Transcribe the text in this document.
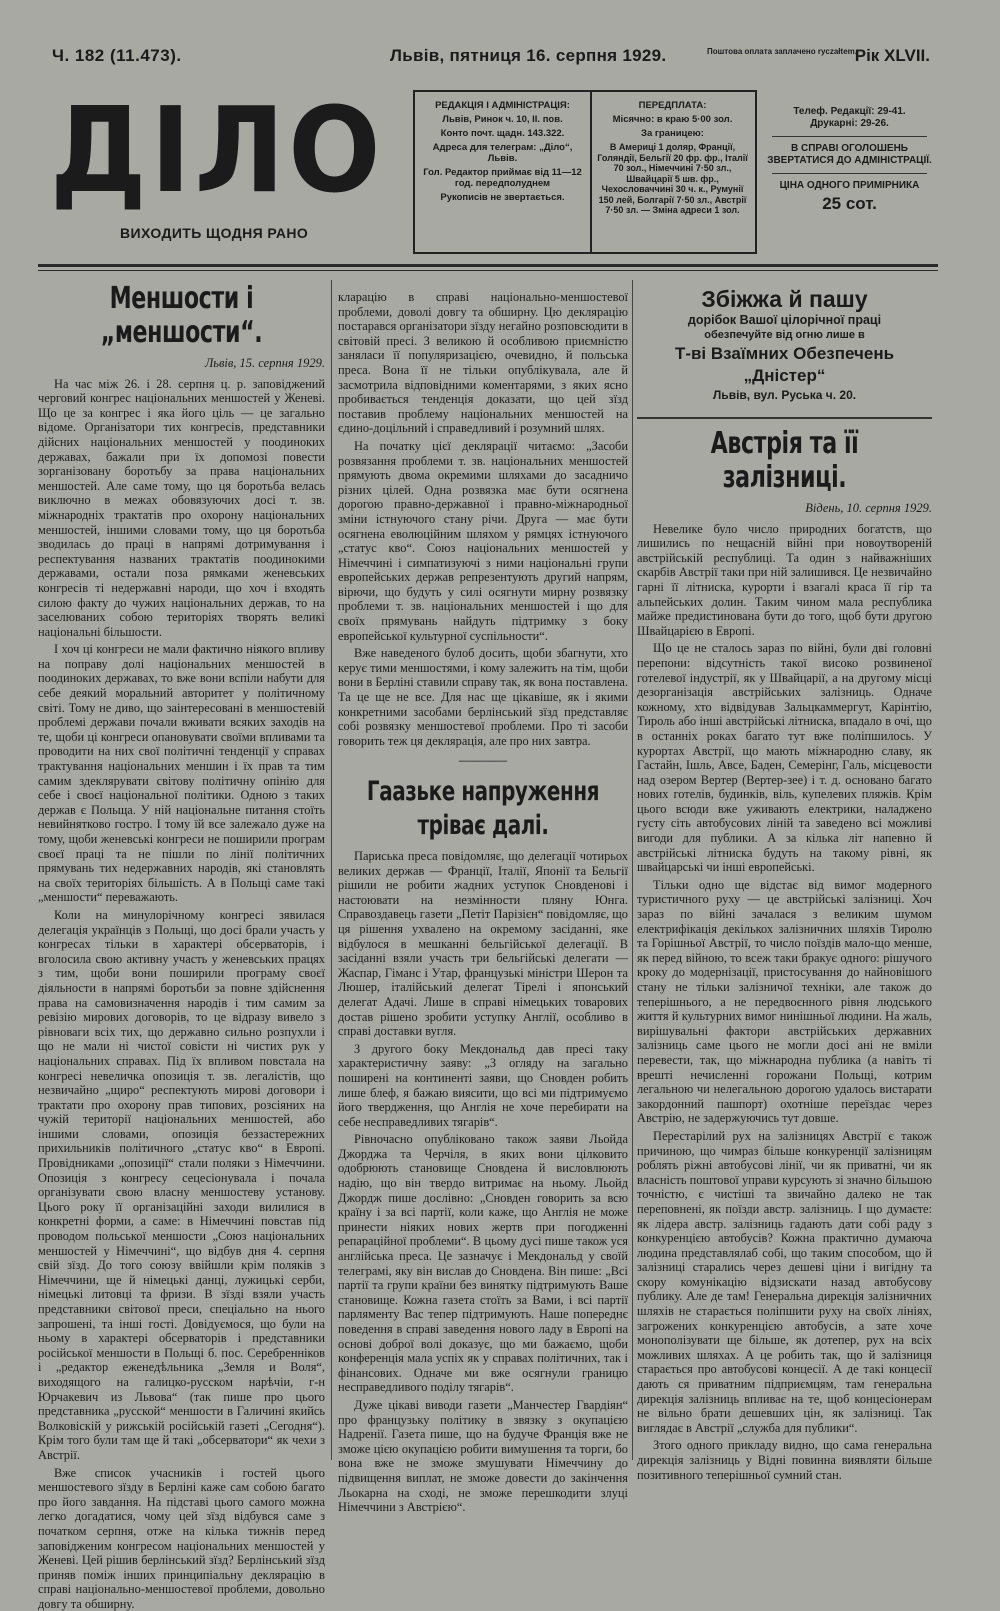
Ч. 182 (11.473).	Львів, пятниця 16. серпня 1929.	Поштова оплата заплачено ryczałtem.
Рік XLVII.
ДІЛО
ВИХОДИТЬ ЩОДНЯ РАНО
РЕДАКЦІЯ І АДМІНІСТРАЦІЯ:
Львів, Ринок ч. 10, II. пов.
Конто почт. щадн. 143.322.
Адреса для телеграм: „Діло“, Львів.
Гол. Редактор приймає від 11—12 год. передполуднем
Рукописів не звертається.
ПЕРЕДПЛАТА:
Місячно: в краю 5·00 зол.
За границею:
В Америці 1 доляр, Франції, Голяндії, Бельгії 20 фр. фр., Італії 70 зол., Німеччині 7·50 зл., Швайцарії 5 шв. фр., Чехословаччині 30 ч. к., Румунії 150 лей, Болгарії 7·50 зл., Австрії 7·50 зл. — Зміна адреси 1 зол.
Телеф. Редакції: 29-41.
Друкарні: 29-26.
В СПРАВІ ОГОЛОШЕНЬ ЗВЕРТАТИСЯ ДО АДМІНІСТРАЦІЇ.
ЦІНА ОДНОГО ПРИМІРНИКА
25 сот.
Меншости і „меншости“.
Львів, 15. серпня 1929.

На час між 26. і 28. серпня ц. р. заповіджений черговий конгрес національних меншостей у Женеві. Що це за конгрес і яка його ціль — це загально відоме. Організатори тих конгресів, представники дійсних національних меншостей у поодиноких державах, бажали при їх допомозі повести зорганізовану боротьбу за права національних меншостей. Але саме тому, що ця боротьба велась виключно в межах обовязуючих досі т. зв. міжнародніх трактатів про охорону національних меншостей, іншими словами тому, що ця боротьба зводилась до праці в напрямі дотримування і респектування названих трактатів поодинокими державами, остали поза рямками женевських конгресів ті недержавні народи, що хоч і входять силою факту до чужих національних держав, то на заселюваних собою територіях творять великі національні більшости.

І хоч ці конгреси не мали фактично ніякого впливу на поправу долі національних меншостей в поодиноких державах, то вже вони вспіли набути для себе деякий моральний авторитет у політичному світі. Тому не диво, що заінтересовані в меншостевій проблемі держави почали вживати всяких заходів на те, щоби ці конгреси опановувати своїми впливами та проводити на них свої політичні тенденції у справах трактування національних меншин і їх прав та тим самим здеклярувати світову політичну опінію для себе і своєї національної політики. Одною з таких держав є Польща. У ній національне питання стоїть невийнятково гостро. І тому їй все залежало дуже на тому, щоби женевські конгреси не поширили програм своєї праці та не пішли по лінії політичних прямувань тих недержавних народів, які становлять на своїх територіях більшість. А в Польщі саме такі „меншости“ переважають.

Коли на минулорічному конгресі зявилася делегація українців з Польщі, що досі брали участь у конгресах тільки в характері обсерваторів, і вголосила свою активну участь у женевських працях з тим, щоби вони поширили програму своєї діяльности в напрямі боротьби за повне здійснення права на самовизначення народів і тим самим за ревізію мирових договорів, то це відразу вивело з рівноваги всіх тих, що державно сильно розпухли і що не мали ні чистої совісти ні чистих рук у національних справах. Під їх впливом повстала на конгресі невеличка опозиція т. зв. легалістів, що незвичайно „щиро“ респектують мирові договори і трактати про охорону прав типових, розсіяних на чужій території національних меншостей, або іншими словами, опозиція беззастережних прихильників політичного „статус кво“ в Европі. Провідниками „опозиції“ стали поляки з Німеччини. Опозиція з конгресу сецесіонувала і почала організувати свою власну меншостеву установу. Цього року її організаційні заходи вилилися в конкретні форми, а саме: в Німеччині повстав під проводом польської меншости „Союз національних меншостей у Німеччині“, що відбув дня 4. серпня свій зїзд. До того союзу ввійшли крім поляків з Німеччини, ще й німецькі данці, лужицькі серби, німецькі литовці та фризи. В зїзді взяли участь представники світової преси, спеціально на нього запрошені, та інші гості. Довідуємося, що були на ньому в характері обсерваторів і представники російської меншости в Польщі б. пос. Серебренніков і „редактор еженедѣльника „Земля и Воля“, виходящого на галицко-русском нарѣчіи, г-н Юрчакевич из Львова“ (так пише про цього представника „русской“ меншости в Галичині якийсь Волковіскій у рижській російській газеті „Сегодня“). Крім того були там ще й такі „обсерватори“ як чехи з Австрії.

Вже список учасників і гостей цього меншостевого зїзду в Берліні каже сам собою багато про його завдання. На підставі цього самого можна легко догадатися, чому цей зїзд відбувся саме з початком серпня, отже на кілька тижнів перед заповідженим конгресом національних меншостей у Женеві. Цей рішив берлінський зїзд? Берлінський зїзд приняв поміж інших принципіальну деклярацію в справі національно-меншостевої проблеми, довольно довгу та обширну.

кларацію в справі національно-меншостевої проблеми, доволі довгу та обширну. Цю деклярацію постарався організатори зїзду негайно розповсюдити в світовій пресі. З великою й особливою приємністю заняласи її популяризацією, очевидно, й польська преса. Вона її не тільки опублікувала, але й засмотрила відповідними коментарями, з яких ясно пробивається тенденція доказати, що цей зїзд поставив проблему національних меншостей на єдино-доцільний і справедливий і розумний шлях.

На початку цієї деклярації читаємо: „Засоби розвязання проблеми т. зв. національних меншостей прямують двома окремими шляхами до засадничо різних цілей. Одна розвязка має бути осягнена дорогою правно-державної і правно-міжнародньої зміни істнуючого стану річи. Друга — має бути осягнена еволюційним шляхом у рямцях істнуючого „статус кво“. Союз національних меншостей у Німеччині і симпатизуючі з ними національні групи европейських держав репрезентують другий напрям, вірючи, що будуть у силі осягнути мирну розвязку проблеми т. зв. національних меншостей і що для своїх прямувань найдуть підтримку з боку европейської культурної суспільности“.

Вже наведеного булоб досить, щоби збагнути, хто керує тими меншостями, і кому залежить на тім, щоби вони в Берліні ставили справу так, як вона поставлена. Та це ще не все. Для нас ще цікавіше, як і якими конкретними засобами берлінський зїзд представляє собі розвязку меншостевої проблеми. Про ті засоби говорить теж ця деклярація, але про них завтра.

———
Гаазьке напруження тріває далі.

Париська преса повідомляє, що делегації чотирьох великих держав — Франції, Італії, Японії та Бельгії рішили не робити жадних уступок Сновденові і настоювати на незмінности пляну Юнга. Справоздавець газети „Петіт Парізієн“ повідомляє, що ця рішення ухвалено на окремому засіданні, яке відбулося в мешканні бельгійської делегації. В засіданні взяли участь три бельгійські делегати — Жаспар, Гіманс і Утар, французькі міністри Шерон та Люшер, італійський делегат Тірелі і японський делегат Адачі. Лише в справі німецьких товарових достав рішено зробити уступку Англії, особливо в справі доставки вугля.

З другого боку Мекдональд дав пресі таку характеристичну заяву: „З огляду на загально поширені на континенті заяви, що Сновден робить лише блеф, я бажаю виясити, що всі ми підтримуємо його твердження, що Англія не хоче перебирати на себе несправедливих тягарів“.

Рівночасно опубліковано також заяви Льойда Джорджа та Черчіля, в яких вони цілковито одобрюють становище Сновдена й висловлюють надію, що він твердо витримає на ньому. Льойд Джордж пише дослівно: „Сновден говорить за всю країну і за всі партії, коли каже, що Англія не може принести ніяких нових жертв при погодженні репараційної проблеми“. В цьому дусі пише також уся англійська преса. Це зазначує і Мекдональд у своїй телеграмі, яку він вислав до Сновдена. Він пише: „Всі партії та групи країни без винятку підтримують Ваше становище. Кожна газета стоїть за Вами, і всі партії парляменту Вас тепер підтримують. Наше попереднє поведення в справі заведення нового ладу в Европі на основі доброї волі доказує, що ми бажаємо, щоби конференція мала успіх як у справах політичних, так і фінансових. Одначе ми вже осягнули границю несправедливого поділу тягарів“.

Дуже цікаві виводи газети „Манчестер Гвардіян“ про французьку політику в звязку з окупацією Надренії. Газета пише, що на будуче Франція вже не зможе цією окупацією робити вимушення та торги, бо вона вже не зможе змушувати Німеччину до підвищення виплат, не зможе довести до закінчення Льокарна на сході, не зможе перешкодити злуці Німеччини з Австрією“.

Збіжжа й пашу
дорібок Вашої цілорічної праці
обезпечуйте від огню лише в
Т-ві Взаїмних Обезпечень „Дністер“
Львів, вул. Руська ч. 20.
Австрія та її залізниці.
Відень, 10. серпня 1929.

Невелике було число природних богатств, що лишились по нещасній війні при новоутвореній австрійській республиці. Та один з найважніших скарбів Австрії таки при ній залишився. Це незвичайно гарні її літниска, курорти і взагалі краса її гір та альпейських долин. Таким чином мала республика майже предистинована бути до того, щоб бути другою Швайцарією в Европі.

Що це не сталось зараз по війні, були дві головні перепони: відсутність такої високо розвиненої готелевої індустрії, як у Швайцарії, а на другому місці дезорганізація австрійських залізниць. Одначе кожному, хто відвідував Зальцкаммергут, Карінтію, Тироль або інші австрійські літниска, впадало в очі, що в останніх роках багато тут вже поліпшилось. У курортах Австрії, що мають міжнародню славу, як Гастайн, Ішль, Авсе, Баден, Семерінг, Галь, місцевости над озером Вертер (Вертер-зее) і т. д. основано багато нових готелів, будинків, віль, купелевих пляжів. Крім цього всюди вже уживають електрики, наладжено густу сіть автобусових ліній та заведено всі можливі вигоди для публики. А за кілька літ напевно й австрійські літниска будуть на такому рівні, як швайцарські чи інші европейські.

Тільки одно ще відстає від вимог модерного туристичного руху — це австрійські залізниці. Хоч зараз по війні зачалася з великим шумом електрифікація декількох залізничних шляхів Тиролю та Горішньої Австрії, то число поїздів мало-що менше, як перед війною, то всеж таки бракує одного: рішучого кроку до модернізації, пристосування до найновішого стану не тільки залізничої техніки, але також до теперішнього, а не передвоєнного рівня людського життя й культурних вимог нинішньої людини. На жаль, вирішувальні фактори австрійських державних залізниць саме цього не могли досі ані не вміли перевести, так, що міжнародна публика (а навіть ті врешті нечисленні горожани Польщі, котрим легальною чи нелегальною дорогою удалось вистарати закордонний пашпорт) охотніше переїздає через Австрію, не задержуючись тут довше.

Перестарілий рух на залізницях Австрії є також причиною, що чимраз більше конкуренції залізницям роблять ріжні автобусові лінії, чи як приватні, чи як власність поштової управи курсують зі значно більшою точністю, є чистіші та звичайно далеко не так переповнені, як поїзди австр. залізниць. І що думаєте: як лідера австр. залізниць гадають дати собі раду з конкуренцією автобусів? Кожна практично думаюча людина представлялаб собі, що таким способом, що й залізниці старались через дешеві ціни і вигідну та скору комунікацію відзискати назад автобусову публику. Але де там! Генеральна дирекція залізничних шляхів не старається поліпшити руху на своїх лініях, загрожених конкуренцією автобусів, а зате хоче монополізувати ще більше, як дотепер, рух на всіх можливих шляхах. А це робить так, що й залізниця старається про автобусові концесії. А де такі концесії дають ся приватним підприємцям, там генеральна дирекція залізниць впливає на те, щоб концесіонерам не вільно брати дешевших цін, як залізниці. Так виглядає в Австрії „служба для публики“.

Зтого одного прикладу видно, що сама генеральна дирекція залізниць у Відні повинна виявляти більше позитивного теперішньої сумний стан.
